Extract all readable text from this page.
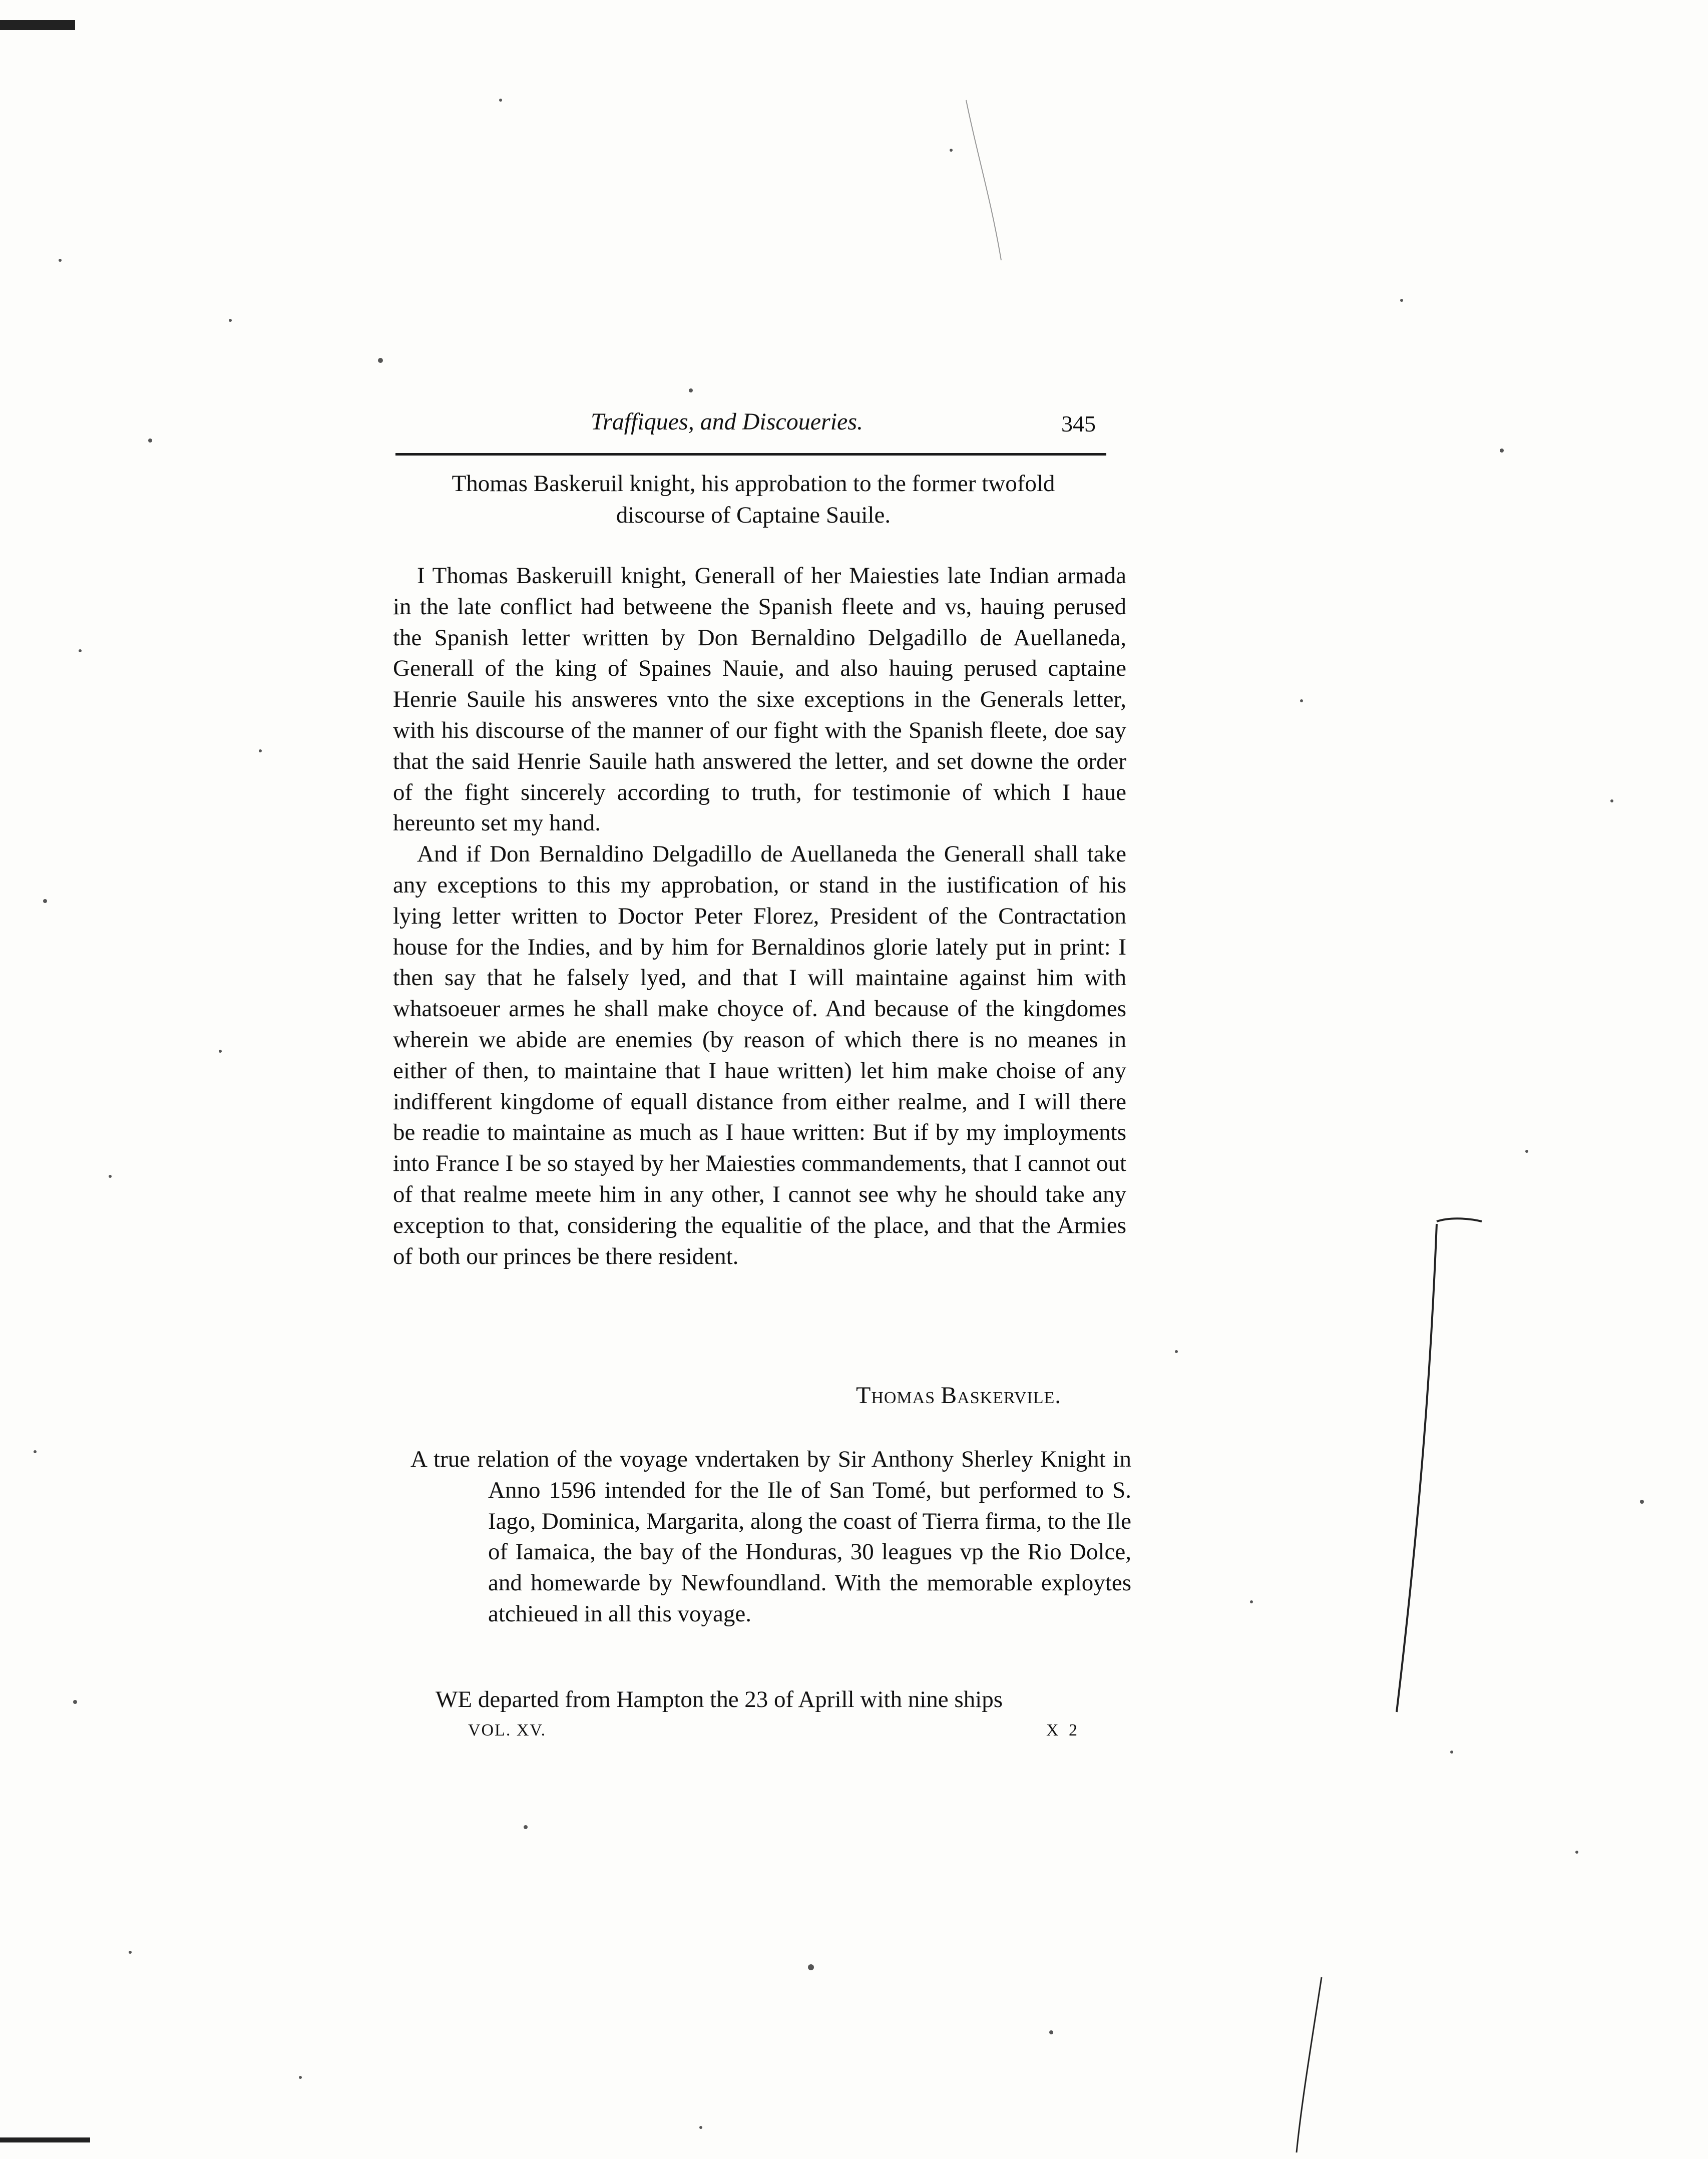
Traffiques, and Discoueries.	345
Thomas Baskeruil knight, his approbation to the former twofold
discourse of Captaine Sauile.

I Thomas Baskeruill knight, Generall of her Maiesties late Indian armada in the late conflict had betweene the Spanish fleete and vs, hauing perused the Spanish letter written by Don Bernaldino Delgadillo de Auellaneda, Generall of the king of Spaines Nauie, and also hauing perused captaine Henrie Sauile his answeres vnto the sixe exceptions in the Generals letter, with his discourse of the manner of our fight with the Spanish fleete, doe say that the said Henrie Sauile hath answered the letter, and set downe the order of the fight sincerely according to truth, for testimonie of which I haue hereunto set my hand.

And if Don Bernaldino Delgadillo de Auellaneda the Generall shall take any exceptions to this my approbation, or stand in the iustification of his lying letter written to Doctor Peter Florez, President of the Contractation house for the Indies, and by him for Bernaldinos glorie lately put in print: I then say that he falsely lyed, and that I will maintaine against him with whatsoeuer armes he shall make choyce of. And because of the kingdomes wherein we abide are enemies (by reason of which there is no meanes in either of then, to maintaine that I haue written) let him make choise of any indifferent kingdome of equall distance from either realme, and I will there be readie to maintaine as much as I haue written: But if by my imployments into France I be so stayed by her Maiesties commandements, that I cannot out of that realme meete him in any other, I cannot see why he should take any exception to that, considering the equalitie of the place, and that the Armies of both our princes be there resident.

Thomas Baskervile.
A true relation of the voyage vndertaken by Sir Anthony Sherley Knight in Anno 1596 intended for the Ile of San Tomé, but performed to S. Iago, Dominica, Margarita, along the coast of Tierra firma, to the Ile of Iamaica, the bay of the Honduras, 30 leagues vp the Rio Dolce, and homewarde by Newfoundland. With the memorable exploytes atchieued in all this voyage.
WE departed from Hampton the 23 of Aprill with nine ships
VOL. XV.	X 2
